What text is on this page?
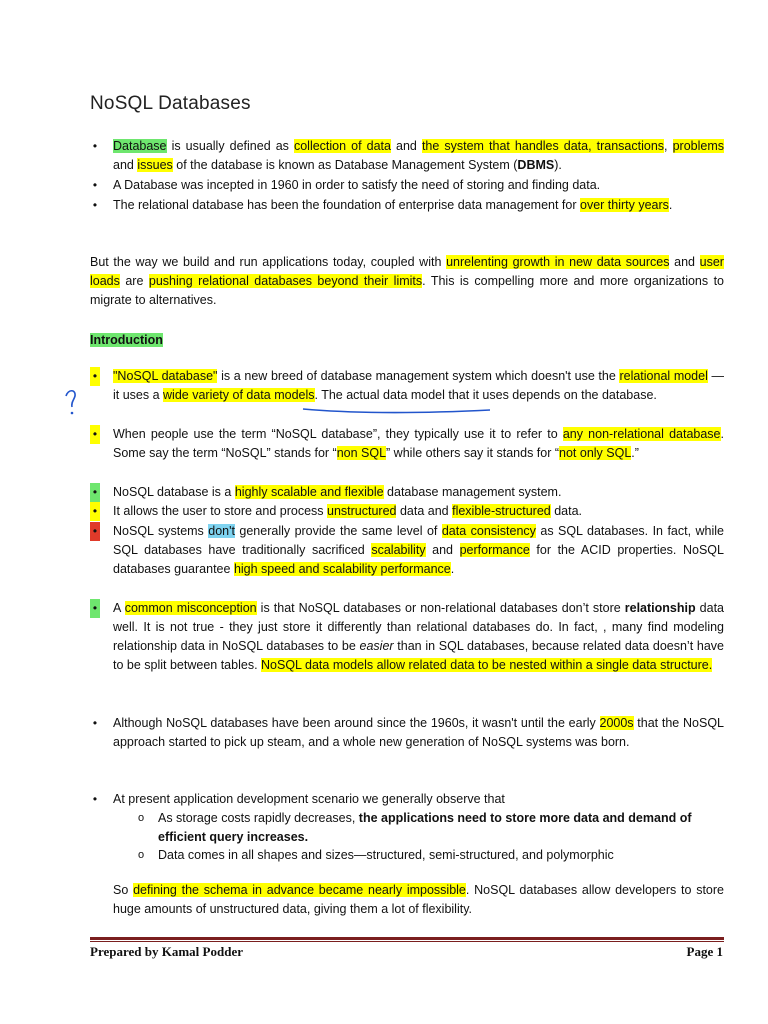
NoSQL Databases
• Database is usually defined as collection of data and the system that handles data, transactions, problems and issues of the database is known as Database Management System (DBMS).
• A Database was incepted in 1960 in order to satisfy the need of storing and finding data.
• The relational database has been the foundation of enterprise data management for over thirty years.
But the way we build and run applications today, coupled with unrelenting growth in new data sources and user loads are pushing relational databases beyond their limits. This is compelling more and more organizations to migrate to alternatives.
Introduction
• "NoSQL database" is a new breed of database management system which doesn't use the relational model — it uses a wide variety of data models. The actual data model that it uses depends on the database.
• When people use the term “NoSQL database”, they typically use it to refer to any non-relational database. Some say the term “NoSQL” stands for “non SQL” while others say it stands for “not only SQL.”
• NoSQL database is a highly scalable and flexible database management system.
• It allows the user to store and process unstructured data and flexible-structured data.
• NoSQL systems don't generally provide the same level of data consistency as SQL databases. In fact, while SQL databases have traditionally sacrificed scalability and performance for the ACID properties. NoSQL databases guarantee high speed and scalability performance.
• A common misconception is that NoSQL databases or non-relational databases don’t store relationship data well. It is not true - they just store it differently than relational databases do. In fact, , many find modeling relationship data in NoSQL databases to be easier than in SQL databases, because related data doesn’t have to be split between tables. NoSQL data models allow related data to be nested within a single data structure.
• Although NoSQL databases have been around since the 1960s, it wasn't until the early 2000s that the NoSQL approach started to pick up steam, and a whole new generation of NoSQL systems was born.
• At present application development scenario we generally observe that
o As storage costs rapidly decreases, the applications need to store more data and demand of efficient query increases.
o Data comes in all shapes and sizes—structured, semi-structured, and polymorphic
So defining the schema in advance became nearly impossible. NoSQL databases allow developers to store huge amounts of unstructured data, giving them a lot of flexibility.
Prepared by Kamal Podder	Page 1
